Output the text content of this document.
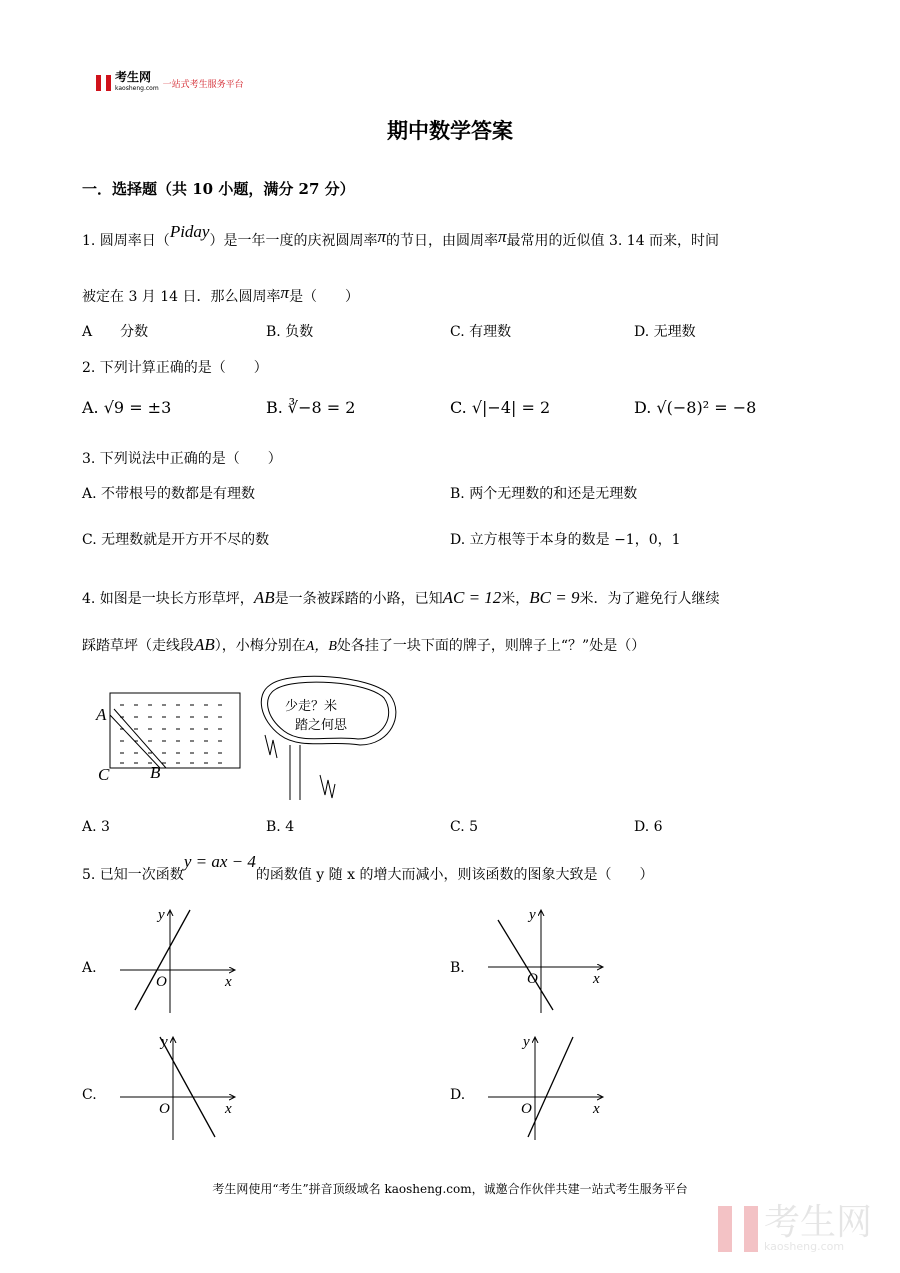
考生网
kaosheng.com 一站式考生服务平台
期中数学答案
一．选择题（共 10 小题，满分 27 分）
1. 圆周率日（Piday）是一年一度的庆祝圆周率π的节日，由圆周率π最常用的近似值 3. 14 而来，时间
被定在 3 月 14 日．那么圆周率π是（　　）
A　　分数	B. 负数	C. 有理数	D. 无理数
2. 下列计算正确的是（　　）
A. √9 = ±3	B. ∛−8 = 2	C. √|−4| = 2	D. √(−8)² = −8
3. 下列说法中正确的是（　　）
A. 不带根号的数都是有理数	B. 两个无理数的和还是无理数
C. 无理数就是开方开不尽的数	D. 立方根等于本身的数是 −1，0，1
4. 如图是一块长方形草坪，AB是一条被踩踏的小路，已知AC = 12米，BC = 9米．为了避免行人继续
踩踏草坪（走线段AB），小梅分别在A，B处各挂了一块下面的牌子，则牌子上“？”处是（）
A
C B
少走？米
踏之何思
A. 3	B. 4	C. 5	D. 6
5. 已知一次函数y = ax − 4的函数值 y 随 x 的增大而减小，则该函数的图象大致是（　　）
A.	B.
C.	D.
考生网使用“考生”拼音顶级域名 kaosheng.com，诚邀合作伙伴共建一站式考生服务平台
考生网
kaosheng.com
x
y
O	x
y
O
x
y
O	x
y
O
